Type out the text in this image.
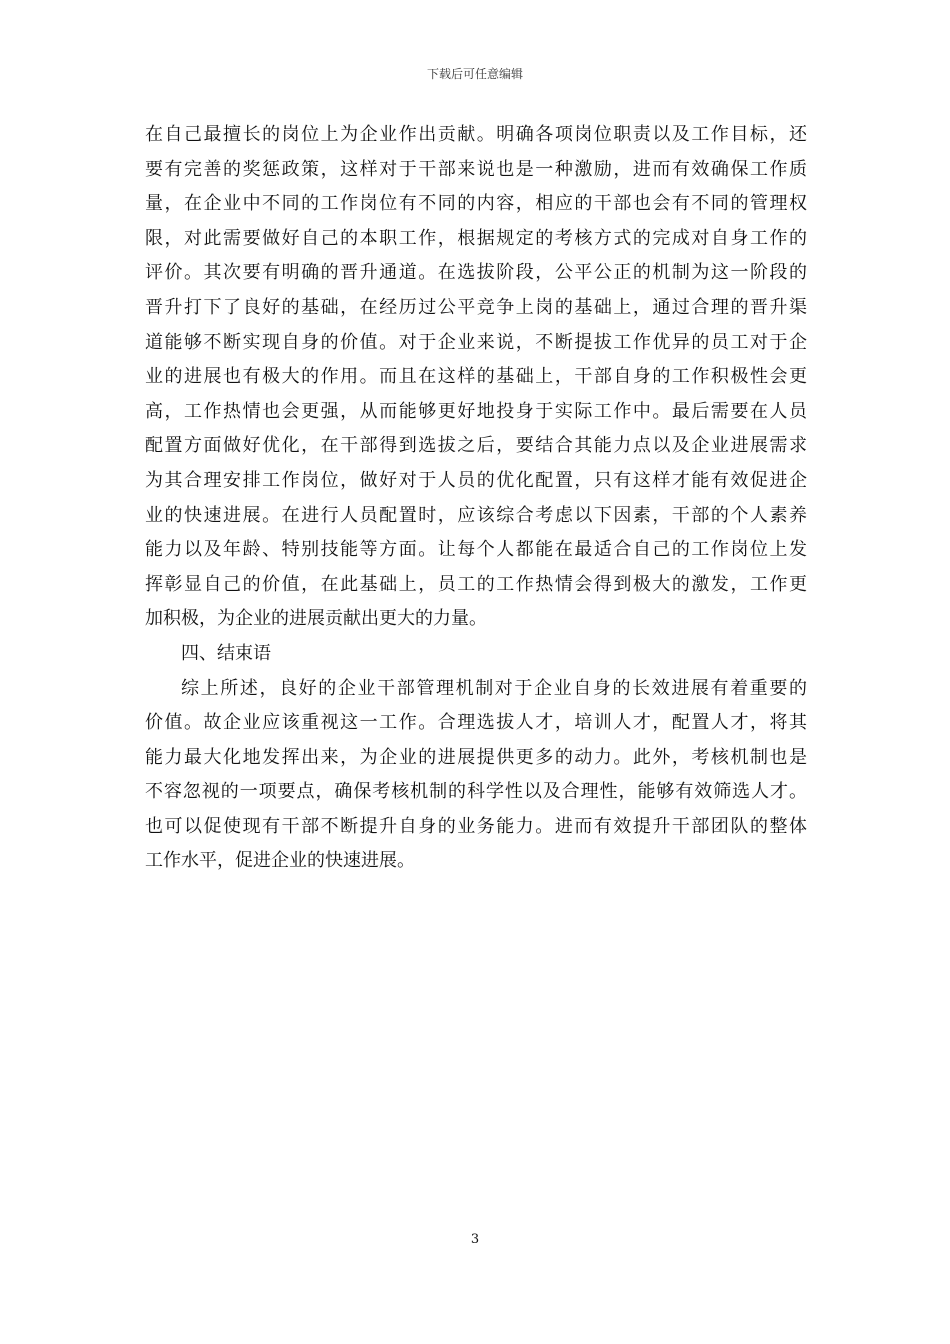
下载后可任意编辑
在自己最擅长的岗位上为企业作出贡献。明确各项岗位职责以及工作目标，还
要有完善的奖惩政策，这样对于干部来说也是一种激励，进而有效确保工作质
量，在企业中不同的工作岗位有不同的内容，相应的干部也会有不同的管理权
限，对此需要做好自己的本职工作，根据规定的考核方式的完成对自身工作的
评价。其次要有明确的晋升通道。在选拔阶段，公平公正的机制为这一阶段的
晋升打下了良好的基础，在经历过公平竞争上岗的基础上，通过合理的晋升渠
道能够不断实现自身的价值。对于企业来说，不断提拔工作优异的员工对于企
业的进展也有极大的作用。而且在这样的基础上，干部自身的工作积极性会更
高，工作热情也会更强，从而能够更好地投身于实际工作中。最后需要在人员
配置方面做好优化，在干部得到选拔之后，要结合其能力点以及企业进展需求
为其合理安排工作岗位，做好对于人员的优化配置，只有这样才能有效促进企
业的快速进展。在进行人员配置时，应该综合考虑以下因素，干部的个人素养
能力以及年龄、特别技能等方面。让每个人都能在最适合自己的工作岗位上发
挥彰显自己的价值，在此基础上，员工的工作热情会得到极大的激发，工作更
加积极，为企业的进展贡献出更大的力量。
四、结束语
综上所述，良好的企业干部管理机制对于企业自身的长效进展有着重要的
价值。故企业应该重视这一工作。合理选拔人才，培训人才，配置人才，将其
能力最大化地发挥出来，为企业的进展提供更多的动力。此外，考核机制也是
不容忽视的一项要点，确保考核机制的科学性以及合理性，能够有效筛选人才。
也可以促使现有干部不断提升自身的业务能力。进而有效提升干部团队的整体
工作水平，促进企业的快速进展。
3
